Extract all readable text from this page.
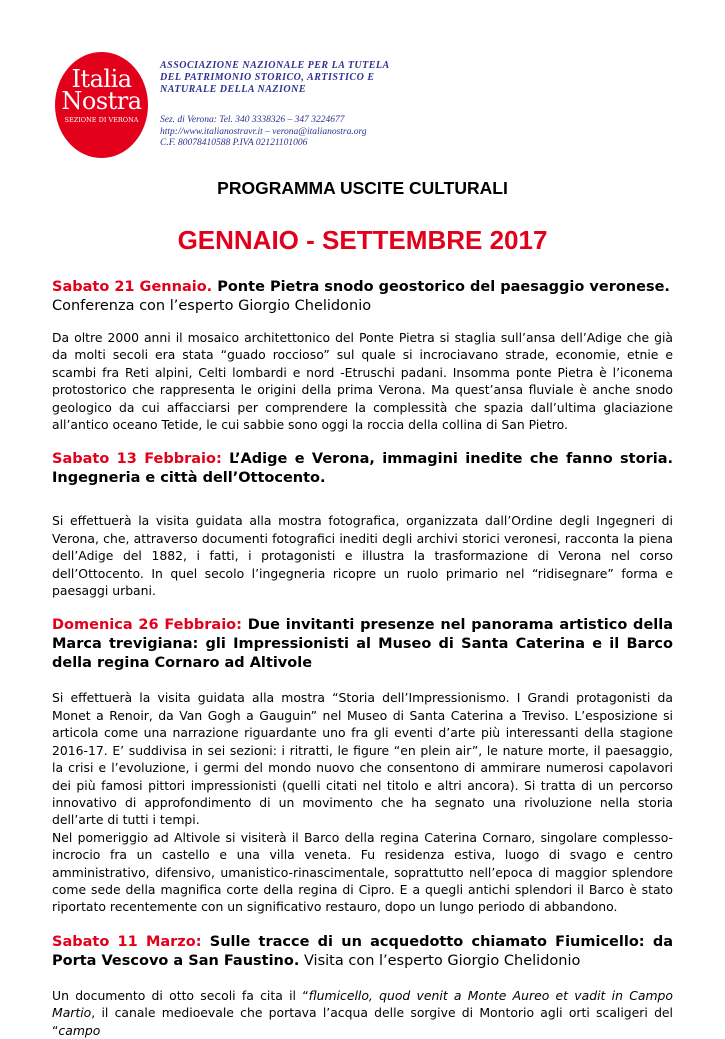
Italia
Nostra
SEZIONE DI VERONA
ASSOCIAZIONE NAZIONALE PER LA TUTELA
DEL PATRIMONIO STORICO, ARTISTICO E
NATURALE DELLA NAZIONE
Sez. di Verona: Tel. 340 3338326 – 347 3224677
http://www.italianostravr.it – verona@italianostra.org
C.F. 80078410588 P.IVA 02121101006
PROGRAMMA USCITE CULTURALI
GENNAIO - SETTEMBRE 2017

Sabato 21 Gennaio. Ponte Pietra snodo geostorico del paesaggio veronese.

Conferenza con l’esperto Giorgio Chelidonio

Da oltre 2000 anni il mosaico architettonico del Ponte Pietra si staglia sull’ansa dell’Adige che già da molti secoli era stata “guado roccioso” sul quale si incrociavano strade, economie, etnie e scambi fra Reti alpini, Celti lombardi e nord -Etruschi padani. Insomma ponte Pietra è l’iconema protostorico che rappresenta le origini della prima Verona. Ma quest’ansa fluviale è anche snodo geologico da cui affacciarsi per comprendere la complessità che spazia dall’ultima glaciazione all’antico oceano Tetide, le cui sabbie sono oggi la roccia della collina di San Pietro.

Sabato 13 Febbraio: L’Adige e Verona, immagini inedite che fanno storia. Ingegneria e città dell’Ottocento.

Si effettuerà la visita guidata alla mostra fotografica, organizzata dall’Ordine degli Ingegneri di Verona, che, attraverso documenti fotografici inediti degli archivi storici veronesi, racconta la piena dell’Adige del 1882, i fatti, i protagonisti e illustra la trasformazione di Verona nel corso dell’Ottocento. In quel secolo l’ingegneria ricopre un ruolo primario nel “ridisegnare” forma e paesaggi urbani.

Domenica 26 Febbraio: Due invitanti presenze nel panorama artistico della Marca trevigiana: gli Impressionisti al Museo di Santa Caterina e il Barco della regina Cornaro ad Altivole

Si effettuerà la visita guidata alla mostra “Storia dell’Impressionismo. I Grandi protagonisti da Monet a Renoir, da Van Gogh a Gauguin” nel Museo di Santa Caterina a Treviso. L’esposizione si articola come una narrazione riguardante uno fra gli eventi d’arte più interessanti della stagione 2016-17. E’ suddivisa in sei sezioni: i ritratti, le figure “en plein air”, le nature morte, il paesaggio, la crisi e l’evoluzione, i germi del mondo nuovo che consentono di ammirare numerosi capolavori dei più famosi pittori impressionisti (quelli citati nel titolo e altri ancora). Si tratta di un percorso innovativo di approfondimento di un movimento che ha segnato una rivoluzione nella storia dell’arte di tutti i tempi.

Nel pomeriggio ad Altivole si visiterà il Barco della regina Caterina Cornaro, singolare complesso-incrocio fra un castello e una villa veneta. Fu residenza estiva, luogo di svago e centro amministrativo, difensivo, umanistico-rinascimentale, soprattutto nell’epoca di maggior splendore come sede della magnifica corte della regina di Cipro. E a quegli antichi splendori il Barco è stato riportato recentemente con un significativo restauro, dopo un lungo periodo di abbandono.

Sabato 11 Marzo: Sulle tracce di un acquedotto chiamato Fiumicello: da Porta Vescovo a San Faustino. Visita con l’esperto Giorgio Chelidonio

Un documento di otto secoli fa cita il “flumicello, quod venit a Monte Aureo et vadit in Campo Martio, il canale medioevale che portava l’acqua delle sorgive di Montorio agli orti scaligeri del “campo
